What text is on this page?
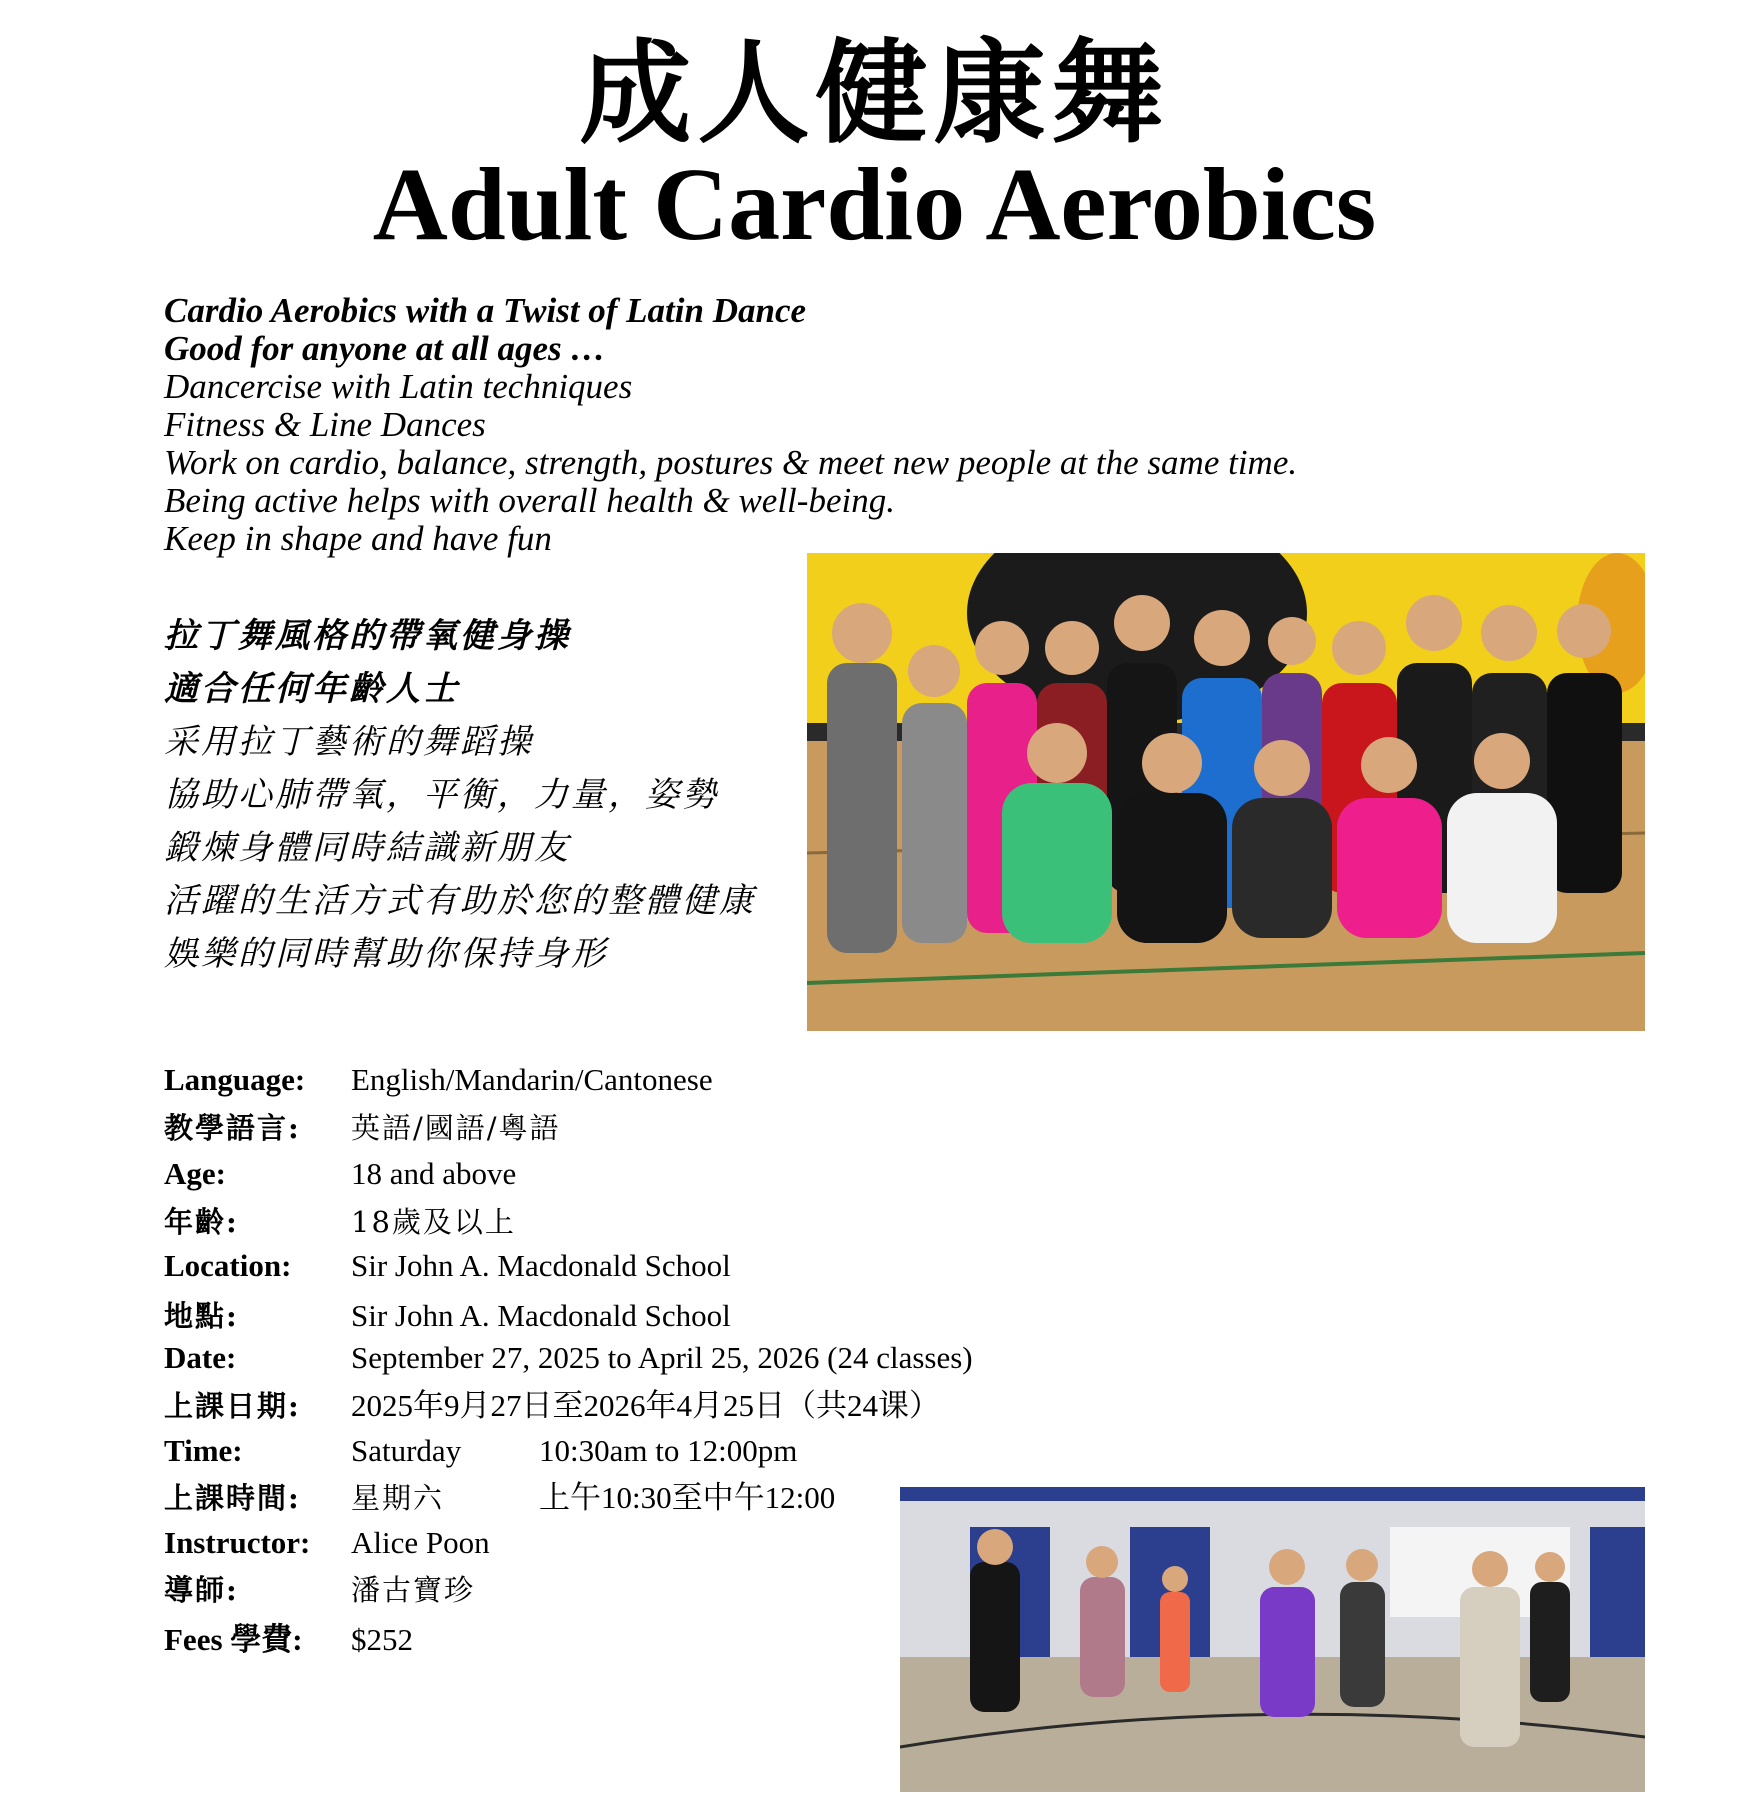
成人健康舞
Adult Cardio Aerobics
Cardio Aerobics with a Twist of Latin Dance
Good for anyone at all ages …
Dancercise with Latin techniques
Fitness & Line Dances
Work on cardio, balance, strength, postures & meet new people at the same time.
Being active helps with overall health & well-being.
Keep in shape and have fun
拉丁舞風格的帶氧健身操
適合任何年齡人士
采用拉丁藝術的舞蹈操
協助心肺帶氧，平衡，力量，姿勢
鍛煉身體同時結識新朋友
活躍的生活方式有助於您的整體健康
娛樂的同時幫助你保持身形
Language: English/Mandarin/Cantonese
教學語言: 英語/國語/粵語
Age:	18 and above
年齡:	18歲及以上
Location: Sir John A. Macdonald School
地點:	Sir John A. Macdonald School
Date:	September 27, 2025 to April 25, 2026 (24 classes)
上課日期: 2025年9月27日至2026年4月25日（共24课）
Time:	Saturday	10:30am to 12:00pm
上課時間: 星期六	上午10:30至中午12:00
Instructor: Alice Poon
導師:	潘古寶珍
Fees 學費: $252
